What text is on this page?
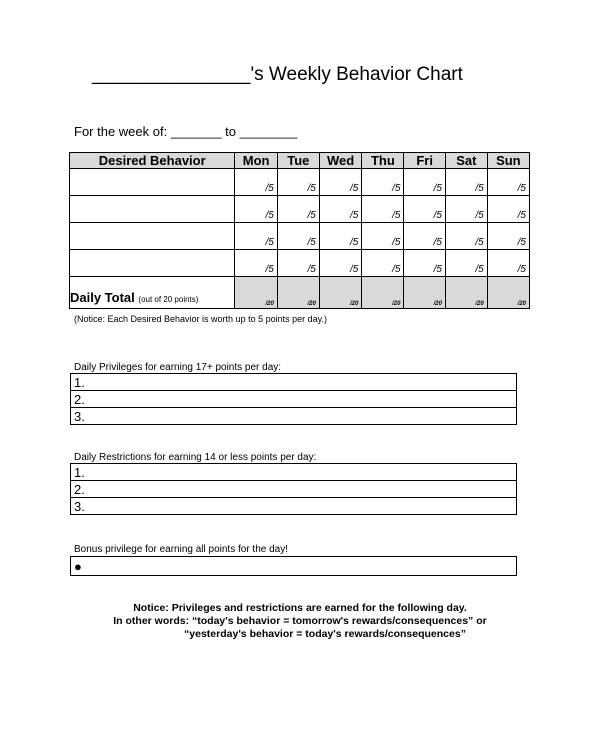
_______________'s Weekly Behavior Chart
For the week of: _______ to ________
Desired Behavior	Mon	Tue	Wed	Thu	Fri	Sat	Sun
	/5	/5	/5	/5	/5	/5	/5
	/5	/5	/5	/5	/5	/5	/5
	/5	/5	/5	/5	/5	/5	/5
	/5	/5	/5	/5	/5	/5	/5
Daily Total (out of 20 points)	/20	/20	/20	/20	/20	/20	/20
(Notice: Each Desired Behavior is worth up to 5 points per day.)
Daily Privileges for earning 17+ points per day:
1.
2.
3.
Daily Restrictions for earning 14 or less points per day:
1.
2.
3.
Bonus privilege for earning all points for the day!
●
Notice: Privileges and restrictions are earned for the following day.
In other words: “today's behavior = tomorrow's rewards/consequences” or
“yesterday's behavior = today's rewards/consequences”
